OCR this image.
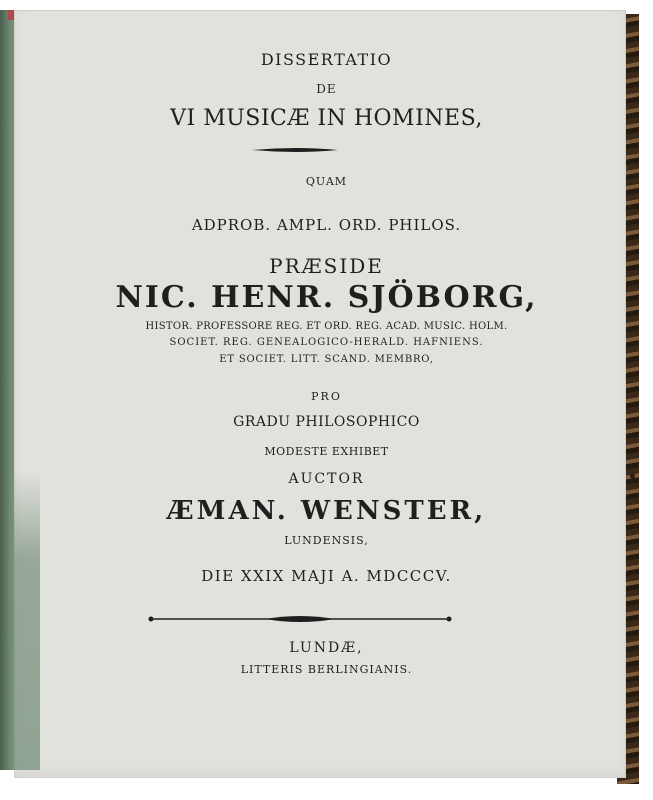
DISSERTATIO
DE
VI MUSICÆ IN HOMINES,
QUAM
ADPROB. AMPL. ORD. PHILOS.
PRÆSIDE
NIC. HENR. SJÖBORG,
HISTOR. PROFESSORE REG. ET ORD. REG. ACAD. MUSIC. HOLM.
SOCIET. REG. GENEALOGICO-HERALD. HAFNIENS.
ET SOCIET. LITT. SCAND. MEMBRO,
PRO
GRADU PHILOSOPHICO
MODESTE EXHIBET
AUCTOR
ÆMAN. WENSTER,
LUNDENSIS,
DIE XXIX MAJI A. MDCCCV.
LUNDÆ,
LITTERIS BERLINGIANIS.
